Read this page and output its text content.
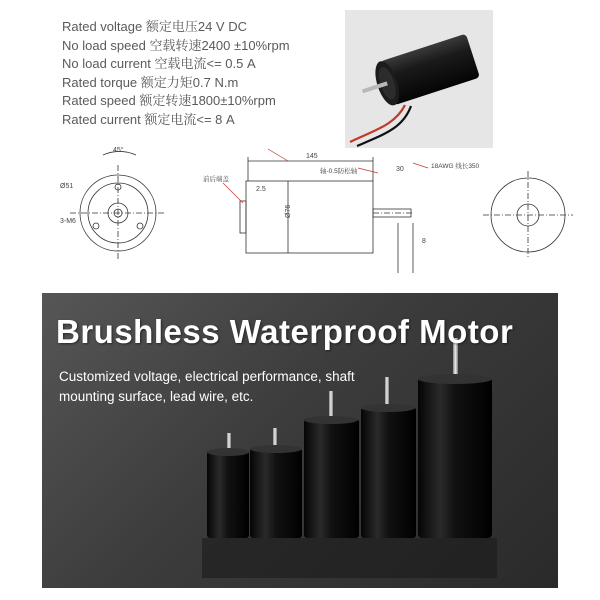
Rated voltage 额定电压24 V DC
No load speed 空载转速2400 ±10%rpm
No load current 空载电流<= 0.5 A
Rated torque 额定力矩0.7 N.m
Rated speed 额定转速1800±10%rpm
Rated current 额定电流<= 8 A
45°
Ø51
3-M6
145
Ø76
轴-0.5防松轴
18AWG 线长350
前后端盖
2.5
30
8
Brushless Waterproof Motor
Customized voltage, electrical performance, shaft
mounting surface, lead wire, etc.
